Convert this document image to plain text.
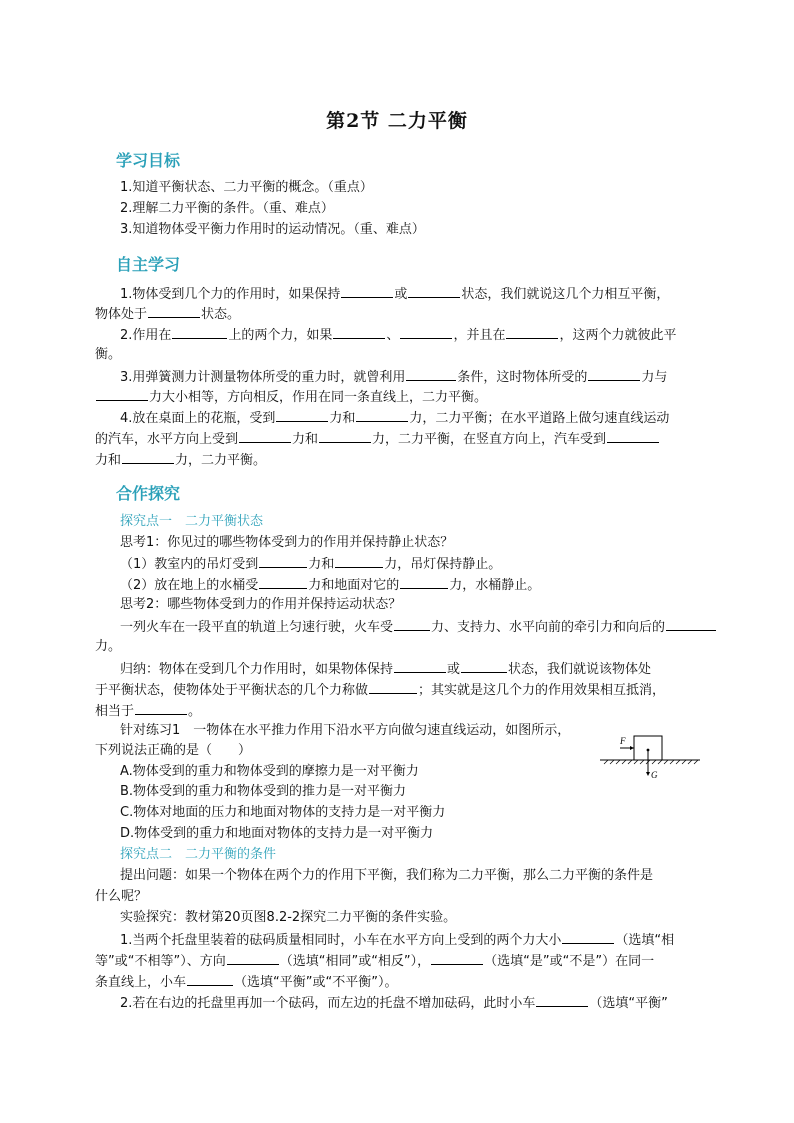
第2节 二力平衡
学习目标
1.知道平衡状态、二力平衡的概念。（重点）
2.理解二力平衡的条件。（重、难点）
3.知道物体受平衡力作用时的运动情况。（重、难点）
自主学习
1.物体受到几个力的作用时，如果保持	或	状态，我们就说这几个力相互平衡，
物体处于	状态。
2.作用在	上的两个力，如果	、	，并且在	，这两个力就彼此平
衡。
3.用弹簧测力计测量物体所受的重力时，就曾利用	条件，这时物体所受的	力与
力大小相等，方向相反，作用在同一条直线上，二力平衡。
4.放在桌面上的花瓶，受到	力和	力，二力平衡；在水平道路上做匀速直线运动
的汽车，水平方向上受到	力和	力，二力平衡，在竖直方向上，汽车受到
力和	力，二力平衡。
合作探究
探究点一　二力平衡状态
思考1：你见过的哪些物体受到力的作用并保持静止状态？
（1）教室内的吊灯受到	力和	力，吊灯保持静止。
（2）放在地上的水桶受	力和地面对它的	力，水桶静止。
思考2：哪些物体受到力的作用并保持运动状态？
一列火车在一段平直的轨道上匀速行驶，火车受	力、支持力、水平向前的牵引力和向后的
力。
归纳：物体在受到几个力作用时，如果物体保持	或	状态，我们就说该物体处
于平衡状态，使物体处于平衡状态的几个力称做	；其实就是这几个力的作用效果相互抵消，
相当于	。
针对练习1　一物体在水平推力作用下沿水平方向做匀速直线运动，如图所示，
下列说法正确的是（　　）
A.物体受到的重力和物体受到的摩擦力是一对平衡力
B.物体受到的重力和物体受到的推力是一对平衡力
C.物体对地面的压力和地面对物体的支持力是一对平衡力
D.物体受到的重力和地面对物体的支持力是一对平衡力
F
G
探究点二　二力平衡的条件
提出问题：如果一个物体在两个力的作用下平衡，我们称为二力平衡，那么二力平衡的条件是
什么呢？
实验探究：教材第20页图8.2-2探究二力平衡的条件实验。
1.当两个托盘里装着的砝码质量相同时，小车在水平方向上受到的两个力大小	（选填“相
等”或“不相等”）、方向	（选填“相同”或“相反”），	（选填“是”或“不是”）在同一
条直线上，小车	（选填“平衡”或“不平衡”）。
2.若在右边的托盘里再加一个砝码，而左边的托盘不增加砝码，此时小车	（选填“平衡”
